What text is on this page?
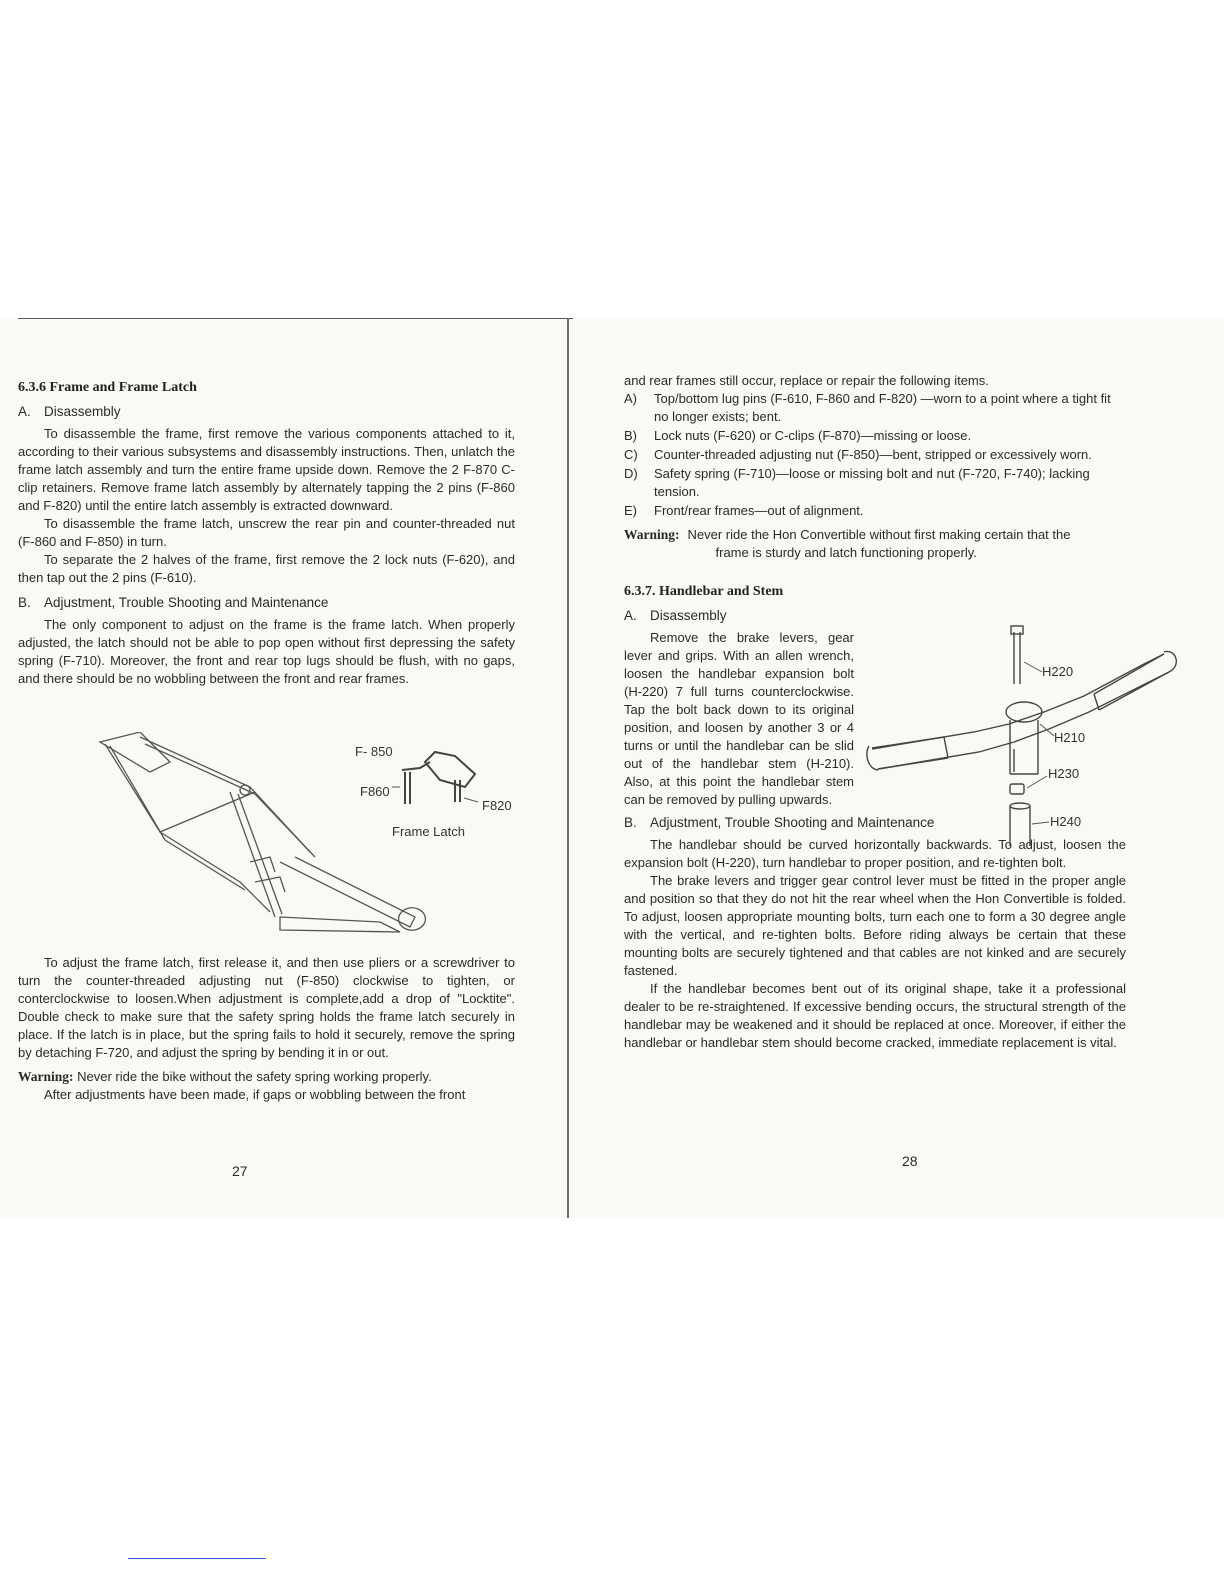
6.3.6 Frame and Frame Latch
A. Disassembly

To disassemble the frame, first remove the various components attached to it, according to their various subsystems and disassembly instructions. Then, unlatch the frame latch assembly and turn the entire frame upside down. Remove the 2 F-870 C-clip retainers. Remove frame latch assembly by alternately tapping the 2 pins (F-860 and F-820) until the entire latch assembly is extracted downward.

To disassemble the frame latch, unscrew the rear pin and counter-threaded nut (F-860 and F-850) in turn.

To separate the 2 halves of the frame, first remove the 2 lock nuts (F-620), and then tap out the 2 pins (F-610).

B. Adjustment, Trouble Shooting and Maintenance

The only component to adjust on the frame is the frame latch. When properly adjusted, the latch should not be able to pop open without first depressing the safety spring (F-710). Moreover, the front and rear top lugs should be flush, with no gaps, and there should be no wobbling between the front and rear frames.

F- 850
F860
F820
Frame Latch

To adjust the frame latch, first release it, and then use pliers or a screwdriver to turn the counter-threaded adjusting nut (F-850) clockwise to tighten, or conterclockwise to loosen.When adjustment is complete,add a drop of "Locktite". Double check to make sure that the safety spring holds the frame latch securely in place. If the latch is in place, but the spring fails to hold it securely, remove the spring by detaching F-720, and adjust the spring by bending it in or out.

Warning: Never ride the bike without the safety spring working properly.

After adjustments have been made, if gaps or wobbling between the front

27

and rear frames still occur, replace or repair the following items.

A)	Top/bottom lug pins (F-610, F-860 and F-820) —worn to a point where a tight fit no longer exists; bent.
B)	Lock nuts (F-620) or C-clips (F-870)—missing or loose.
C)	Counter-threaded adjusting nut (F-850)—bent, stripped or excessively worn.
D)	Safety spring (F-710)—loose or missing bolt and nut (F-720, F-740); lacking tension.
E)	Front/rear frames—out of alignment.
Warning: Never ride the Hon Convertible without first making certain that the
frame is sturdy and latch functioning properly.
6.3.7. Handlebar and Stem
A. Disassembly

Remove the brake levers, gear lever and grips. With an allen wrench, loosen the handlebar expansion bolt (H-220) 7 full turns counterclockwise. Tap the bolt back down to its original position, and loosen by another 3 or 4 turns or until the handlebar can be slid out of the handlebar stem (H-210). Also, at this point the handlebar stem can be removed by pulling upwards.

B. Adjustment, Trouble Shooting and Maintenance

The handlebar should be curved horizontally backwards. To adjust, loosen the expansion bolt (H-220), turn handlebar to proper position, and re-tighten bolt.

The brake levers and trigger gear control lever must be fitted in the proper angle and position so that they do not hit the rear wheel when the Hon Convertible is folded. To adjust, loosen appropriate mounting bolts, turn each one to form a 30 degree angle with the vertical, and re-tighten bolts. Before riding always be certain that these mounting bolts are securely tightened and that cables are not kinked and are securely fastened.

If the handlebar becomes bent out of its original shape, take it a professional dealer to be re-straightened. If excessive bending occurs, the structural strength of the handlebar may be weakened and it should be replaced at once. Moreover, if either the handlebar or handlebar stem should become cracked, immediate replacement is vital.

H220
H210
H230
H240
28
